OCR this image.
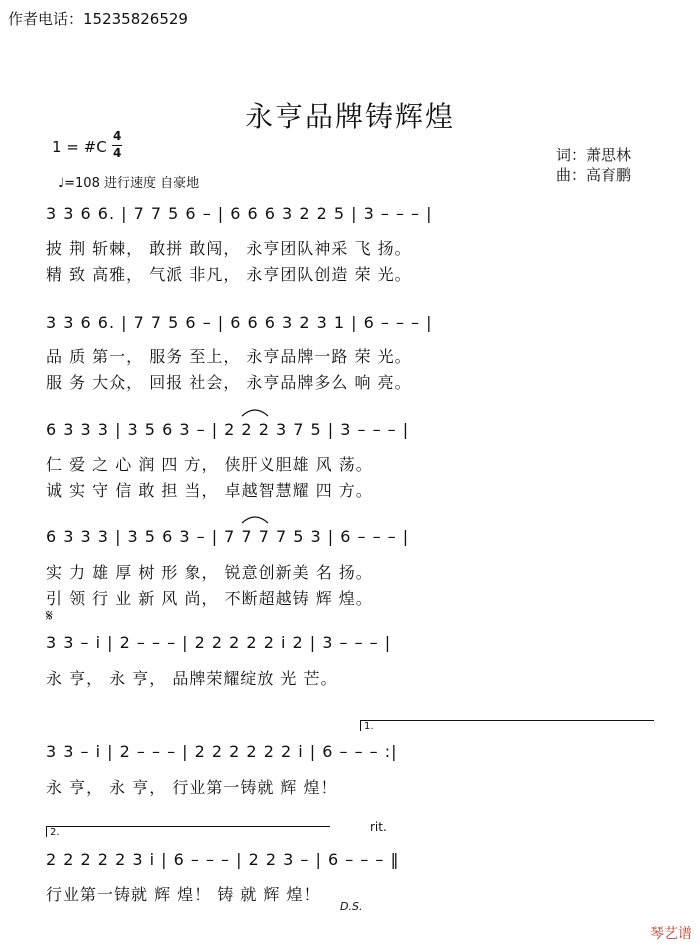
作者电话：15235826529
永亨品牌铸辉煌
1 = #C
4
4
♩=108 进行速度 自豪地
词：萧思林
曲：高育鹏
3 3 6 6. | 7 7 5 6 – | 6 6 6 3 2 2 5 | 3 – – – |
披 荆 斩棘， 敢拼 敢闯， 永亨团队神采 飞 扬。
精 致 高雅， 气派 非凡， 永亨团队创造 荣 光。
3 3 6 6. | 7 7 5 6 – | 6 6 6 3 2 3 1 | 6 – – – |
品 质 第一， 服务 至上， 永亨品牌一路 荣 光。
服 务 大众， 回报 社会， 永亨品牌多么 响 亮。
6 3 3 3 | 3 5 6 3 – | 2 2 2 3 7 5 | 3 – – – |
仁 爱 之 心 润 四 方， 侠肝义胆雄 风 荡。
诚 实 守 信 敢 担 当， 卓越智慧耀 四 方。
6 3 3 3 | 3 5 6 3 – | 7 7 7 7 5 3 | 6 – – – |
实 力 雄 厚 树 形 象， 锐意创新美 名 扬。
引 领 行 业 新 风 尚， 不断超越铸 辉 煌。
𝄋
3 3 – i | 2 – – – | 2 2 2 2 2 i 2 | 3 – – – |
永 亨， 永 亨， 品牌荣耀绽放 光 芒。
1.
3 3 – i | 2 – – – | 2 2 2 2 2 2 i | 6 – – – :|
永 亨， 永 亨， 行业第一铸就 辉 煌！
2.	rit.
2 2 2 2 2 3 i | 6 – – – | 2 2 3 – | 6 – – – ‖
行业第一铸就 辉 煌！ 铸 就 辉 煌！
D.S.
琴艺谱
